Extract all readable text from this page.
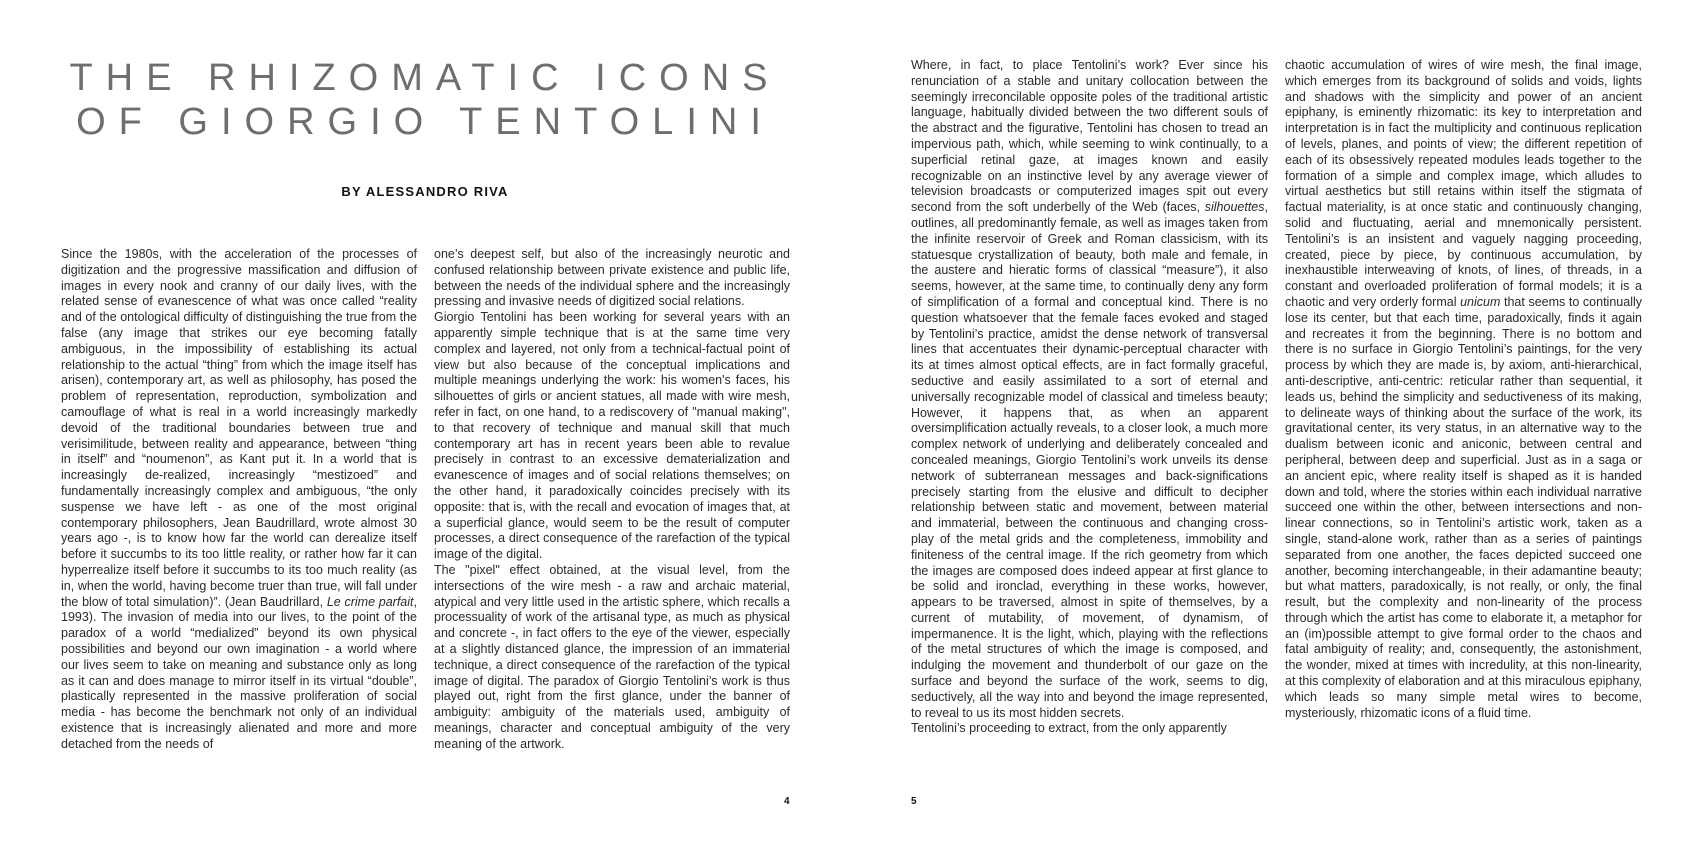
THE RHIZOMATIC ICONS
OF GIORGIO TENTOLINI
BY ALESSANDRO RIVA

Since the 1980s, with the acceleration of the processes of digitization and the progressive massification and diffusion of images in every nook and cranny of our daily lives, with the related sense of evanescence of what was once called “reality and of the ontological difficulty of distinguishing the true from the false (any image that strikes our eye becoming fatally ambiguous, in the impossibility of establishing its actual relationship to the actual “thing” from which the image itself has arisen), contemporary art, as well as philosophy, has posed the problem of representation, reproduction, symbolization and camouflage of what is real in a world increasingly markedly devoid of the traditional boundaries between true and verisimilitude, between reality and appearance, between “thing in itself” and “noumenon”, as Kant put it. In a world that is increasingly de-realized, increasingly “mestizoed” and fundamentally increasingly complex and ambiguous, “the only suspense we have left - as one of the most original contemporary philosophers, Jean Baudrillard, wrote almost 30 years ago -, is to know how far the world can derealize itself before it succumbs to its too little reality, or rather how far it can hyperrealize itself before it succumbs to its too much reality (as in, when the world, having become truer than true, will fall under the blow of total simulation)”. (Jean Baudrillard, Le crime parfait, 1993). The invasion of media into our lives, to the point of the paradox of a world “medialized” beyond its own physical possibilities and beyond our own imagination - a world where our lives seem to take on meaning and substance only as long as it can and does manage to mirror itself in its virtual “double”, plastically represented in the massive proliferation of social media - has become the benchmark not only of an individual existence that is increasingly alienated and more and more detached from the needs of

one’s deepest self, but also of the increasingly neurotic and confused relationship between private existence and public life, between the needs of the individual sphere and the increasingly pressing and invasive needs of digitized social relations.

Giorgio Tentolini has been working for several years with an apparently simple technique that is at the same time very complex and layered, not only from a technical-factual point of view but also because of the conceptual implications and multiple meanings underlying the work: his women's faces, his silhouettes of girls or ancient statues, all made with wire mesh, refer in fact, on one hand, to a rediscovery of "manual making", to that recovery of technique and manual skill that much contemporary art has in recent years been able to revalue precisely in contrast to an excessive dematerialization and evanescence of images and of social relations themselves; on the other hand, it paradoxically coincides precisely with its opposite: that is, with the recall and evocation of images that, at a superficial glance, would seem to be the result of computer processes, a direct consequence of the rarefaction of the typical image of the digital.

The "pixel" effect obtained, at the visual level, from the intersections of the wire mesh - a raw and archaic material, atypical and very little used in the artistic sphere, which recalls a processuality of work of the artisanal type, as much as physical and concrete -, in fact offers to the eye of the viewer, especially at a slightly distanced glance, the impression of an immaterial technique, a direct consequence of the rarefaction of the typical image of digital. The paradox of Giorgio Tentolini’s work is thus played out, right from the first glance, under the banner of ambiguity: ambiguity of the materials used, ambiguity of meanings, character and conceptual ambiguity of the very meaning of the artwork.

Where, in fact, to place Tentolini’s work? Ever since his renunciation of a stable and unitary collocation between the seemingly irreconcilable opposite poles of the traditional artistic language, habitually divided between the two different souls of the abstract and the figurative, Tentolini has chosen to tread an impervious path, which, while seeming to wink continually, to a superficial retinal gaze, at images known and easily recognizable on an instinctive level by any average viewer of television broadcasts or computerized images spit out every second from the soft underbelly of the Web (faces, silhouettes, outlines, all predominantly female, as well as images taken from the infinite reservoir of Greek and Roman classicism, with its statuesque crystallization of beauty, both male and female, in the austere and hieratic forms of classical “measure”), it also seems, however, at the same time, to continually deny any form of simplification of a formal and conceptual kind. There is no question whatsoever that the female faces evoked and staged by Tentolini’s practice, amidst the dense network of transversal lines that accentuates their dynamic-perceptual character with its at times almost optical effects, are in fact formally graceful, seductive and easily assimilated to a sort of eternal and universally recognizable model of classical and timeless beauty; However, it happens that, as when an apparent oversimplification actually reveals, to a closer look, a much more complex network of underlying and deliberately concealed and concealed meanings, Giorgio Tentolini’s work unveils its dense network of subterranean messages and back-significations precisely starting from the elusive and difficult to decipher relationship between static and movement, between material and immaterial, between the continuous and changing cross-play of the metal grids and the completeness, immobility and finiteness of the central image. If the rich geometry from which the images are composed does indeed appear at first glance to be solid and ironclad, everything in these works, however, appears to be traversed, almost in spite of themselves, by a current of mutability, of movement, of dynamism, of impermanence. It is the light, which, playing with the reflections of the metal structures of which the image is composed, and indulging the movement and thunderbolt of our gaze on the surface and beyond the surface of the work, seems to dig, seductively, all the way into and beyond the image represented, to reveal to us its most hidden secrets.

Tentolini’s proceeding to extract, from the only apparently

chaotic accumulation of wires of wire mesh, the final image, which emerges from its background of solids and voids, lights and shadows with the simplicity and power of an ancient epiphany, is eminently rhizomatic: its key to interpretation and interpretation is in fact the multiplicity and continuous replication of levels, planes, and points of view; the different repetition of each of its obsessively repeated modules leads together to the formation of a simple and complex image, which alludes to virtual aesthetics but still retains within itself the stigmata of factual materiality, is at once static and continuously changing, solid and fluctuating, aerial and mnemonically persistent. Tentolini’s is an insistent and vaguely nagging proceeding, created, piece by piece, by continuous accumulation, by inexhaustible interweaving of knots, of lines, of threads, in a constant and overloaded proliferation of formal models; it is a chaotic and very orderly formal unicum that seems to continually lose its center, but that each time, paradoxically, finds it again and recreates it from the beginning. There is no bottom and there is no surface in Giorgio Tentolini’s paintings, for the very process by which they are made is, by axiom, anti-hierarchical, anti-descriptive, anti-centric: reticular rather than sequential, it leads us, behind the simplicity and seductiveness of its making, to delineate ways of thinking about the surface of the work, its gravitational center, its very status, in an alternative way to the dualism between iconic and aniconic, between central and peripheral, between deep and superficial. Just as in a saga or an ancient epic, where reality itself is shaped as it is handed down and told, where the stories within each individual narrative succeed one within the other, between intersections and non-linear connections, so in Tentolini’s artistic work, taken as a single, stand-alone work, rather than as a series of paintings separated from one another, the faces depicted succeed one another, becoming interchangeable, in their adamantine beauty; but what matters, paradoxically, is not really, or only, the final result, but the complexity and non-linearity of the process through which the artist has come to elaborate it, a metaphor for an (im)possible attempt to give formal order to the chaos and fatal ambiguity of reality; and, consequently, the astonishment, the wonder, mixed at times with incredulity, at this non-linearity, at this complexity of elaboration and at this miraculous epiphany, which leads so many simple metal wires to become, mysteriously, rhizomatic icons of a fluid time.

4	5
